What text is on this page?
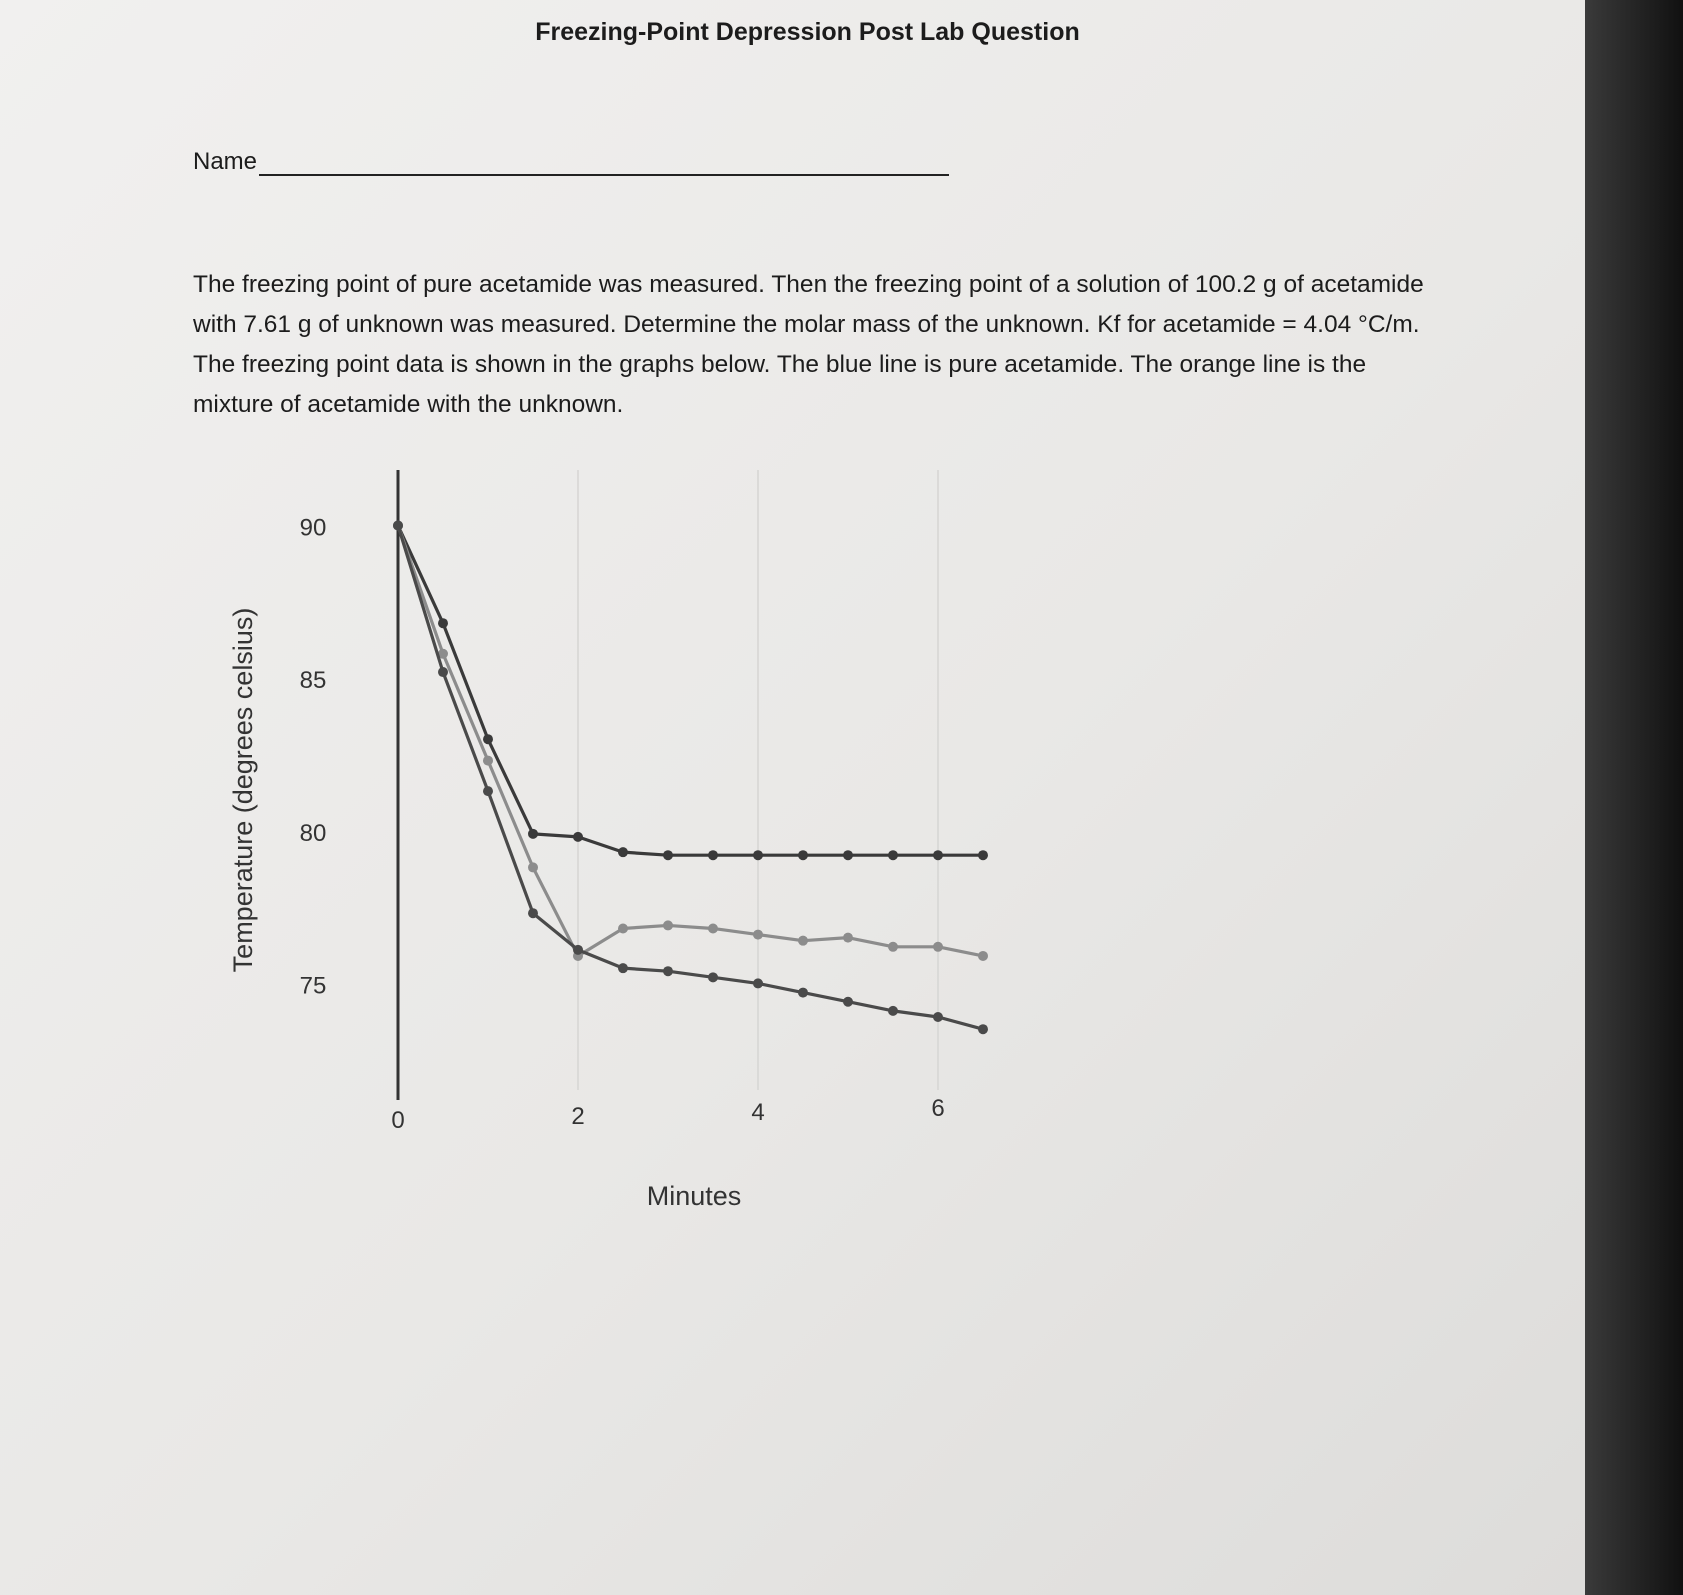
Freezing-Point Depression Post Lab Question
Name
The freezing point of pure acetamide was measured. Then the freezing point of a solution of 100.2 g of acetamide with 7.61 g of unknown was measured. Determine the molar mass of the unknown. Kf for acetamide = 4.04 °C/m. The freezing point data is shown in the graphs below. The blue line is pure acetamide. The orange line is the mixture of acetamide with the unknown.
90
85
80
75
0	2	4	6
Minutes
Temperature (degrees celsius)
